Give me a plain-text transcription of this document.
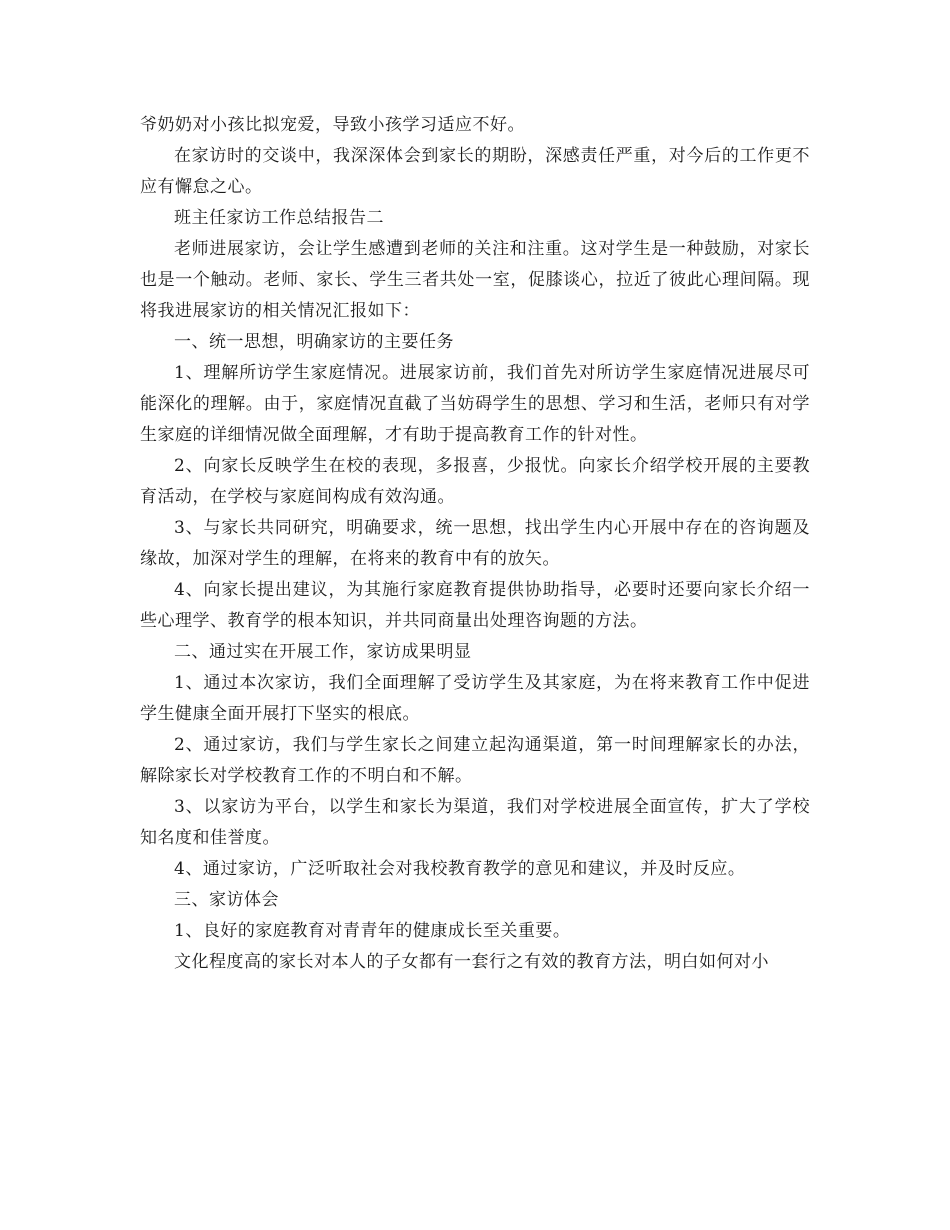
爷奶奶对小孩比拟宠爱，导致小孩学习适应不好。

在家访时的交谈中，我深深体会到家长的期盼，深感责任严重，对今后的工作更不应有懈怠之心。

班主任家访工作总结报告二

老师进展家访，会让学生感遭到老师的关注和注重。这对学生是一种鼓励，对家长也是一个触动。老师、家长、学生三者共处一室，促膝谈心，拉近了彼此心理间隔。现将我进展家访的相关情况汇报如下：

一、统一思想，明确家访的主要任务

1、理解所访学生家庭情况。进展家访前，我们首先对所访学生家庭情况进展尽可能深化的理解。由于，家庭情况直截了当妨碍学生的思想、学习和生活，老师只有对学生家庭的详细情况做全面理解，才有助于提高教育工作的针对性。

2、向家长反映学生在校的表现，多报喜，少报忧。向家长介绍学校开展的主要教育活动，在学校与家庭间构成有效沟通。

3、与家长共同研究，明确要求，统一思想，找出学生内心开展中存在的咨询题及缘故，加深对学生的理解，在将来的教育中有的放矢。

4、向家长提出建议，为其施行家庭教育提供协助指导，必要时还要向家长介绍一些心理学、教育学的根本知识，并共同商量出处理咨询题的方法。

二、通过实在开展工作，家访成果明显

1、通过本次家访，我们全面理解了受访学生及其家庭，为在将来教育工作中促进学生健康全面开展打下坚实的根底。

2、通过家访，我们与学生家长之间建立起沟通渠道，第一时间理解家长的办法，解除家长对学校教育工作的不明白和不解。

3、以家访为平台，以学生和家长为渠道，我们对学校进展全面宣传，扩大了学校知名度和佳誉度。

4、通过家访，广泛听取社会对我校教育教学的意见和建议，并及时反应。

三、家访体会

1、良好的家庭教育对青青年的健康成长至关重要。

文化程度高的家长对本人的子女都有一套行之有效的教育方法，明白如何对小
